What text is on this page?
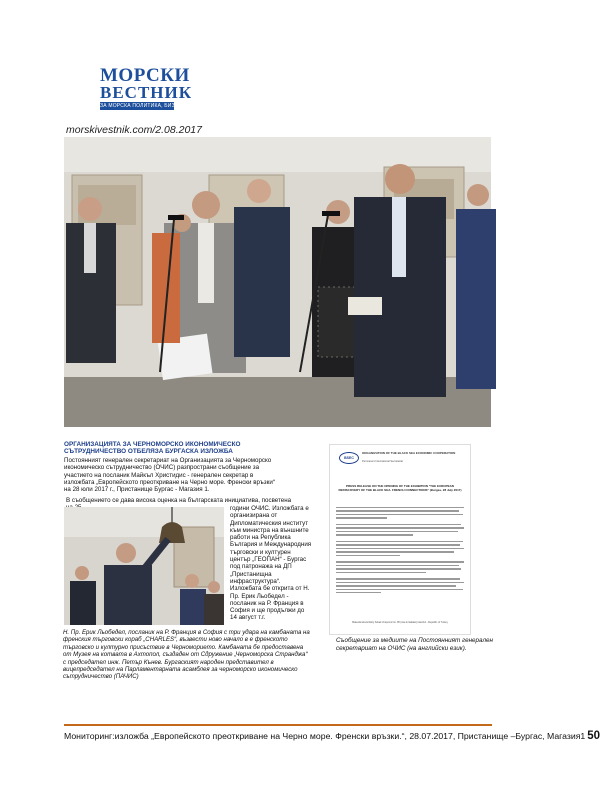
МОРСКИ
ВЕСТНИК
ЗА МОРСКА ПОЛИТИКА, БИЗНЕС И КУЛТУРА
morskivestnik.com/2.08.2017
ОРГАНИЗАЦИЯТА ЗА ЧЕРНОМОРСКО ИКОНОМИЧЕСКО СЪТРУДНИЧЕСТВО ОТБЕЛЯЗА БУРГАСКА ИЗЛОЖБА
Постоянният генерален секретариат на Организацията за Черноморско икономическо сътрудничество (ОЧИС) разпространи съобщение за участието на посланик Майкъл Христидис - генерален секретар в изложбата „Европейското преоткриване на Черно море. Френски връзки“ на 28 юли 2017 г., Пристанище Бургас - Магазия 1.
В съобщението се дава висока оценка на българската инициатива, посветена
години ОЧИС. Изложбата е организирана от Дипломатическия институт към министра на външните работи на Република България и Международния търговски и културен център „ГЕОПАН“ - Бургас под патронажа на ДП „Пристанищна инфраструктура“. Изложбата бе открита от Н. Пр. Ерик Льобедел - посланик на Р. Франция в София и ще продължи до 14 август т.г.
Н. Пр. Ерик Льобедел, посланик на Р. Франция в София с три удара на камбаната на френския търговски кораб „CHARLES“, възвести ново начало в е френското търговско и културно присъствие в Черноморието. Камбаната бе предоставена от Музея на котвата в Ахтопол, създаден от Сдружение „Черноморска Странджа“ с председател инж. Петър Кънев. Бургаският народен представител в вицепредседател на Парламентарната асамблея за черноморско икономическо сътрудничество (ПАЧИС)
BSEC
ORGANIZATION OF THE BLACK SEA ECONOMIC COOPERATION
Permanent International Secretariat
PRESS RELEASE ON THE OPENING OF THE EXHIBITION "THE EUROPEAN REDISCOVERY OF THE BLACK SEA. FRENCH CONNECTIONS" (Burgas, 28 July 2017)
Makedonska Enfskiy Sokak Vosporos No. 85 (Asa & Itakalar) Istanbul - Republic of Turkey
Съобщение за медиите на Постоянният генерален секретариат на ОЧИС (на английски език).
Мониторинг:изложба „Европейското преоткриване на Черно море. Френски връзки.“, 28.07.2017, Пристанище –Бургас, Магазия1 50
